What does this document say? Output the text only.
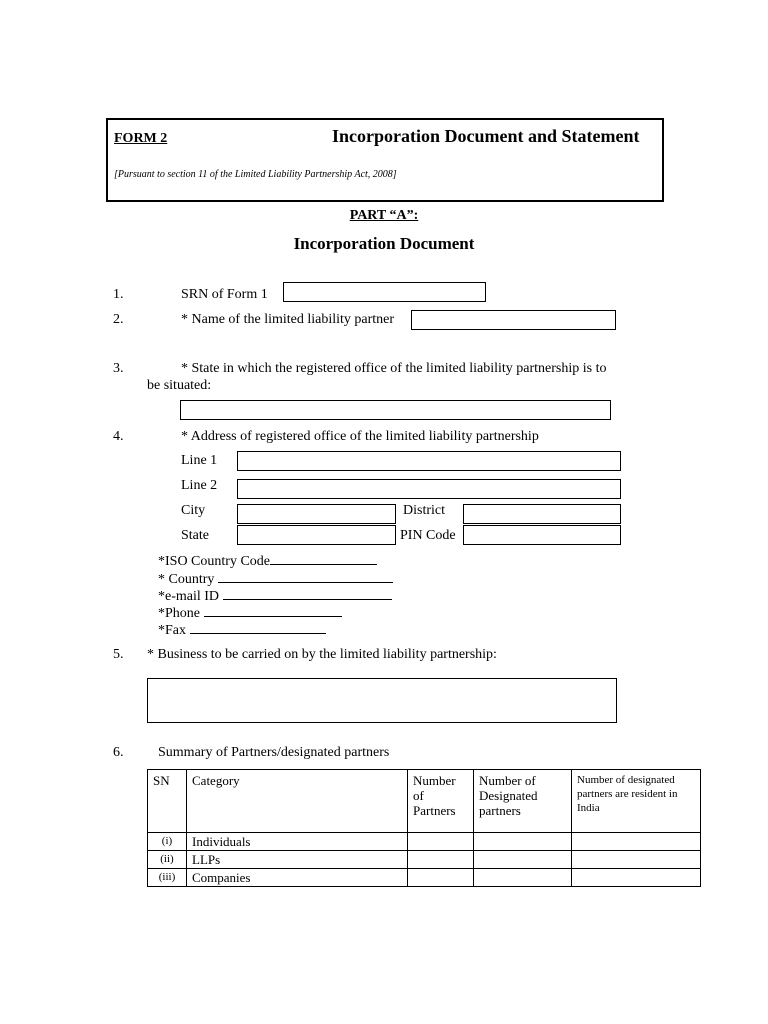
FORM 2	Incorporation Document and Statement
[Pursuant to section 11 of the Limited Liability Partnership Act, 2008]
PART “A”:
Incorporation Document
1.	SRN of Form 1
2.	* Name of the limited liability partner
3.	* State in which the registered office of the limited liability partnership is to
be situated:
4.	* Address of registered office of the limited liability partnership
Line 1
Line 2
City	District
State	PIN Code
*ISO Country Code
* Country
*e-mail ID
*Phone
*Fax
5. * Business to be carried on by the limited liability partnership:
6. Summary of Partners/designated partners
SN	Category	Number of Partners	Number of Designated partners	Number of designated partners are resident in India
(i)	Individuals			
(ii)	LLPs			
(iii)	Companies			
